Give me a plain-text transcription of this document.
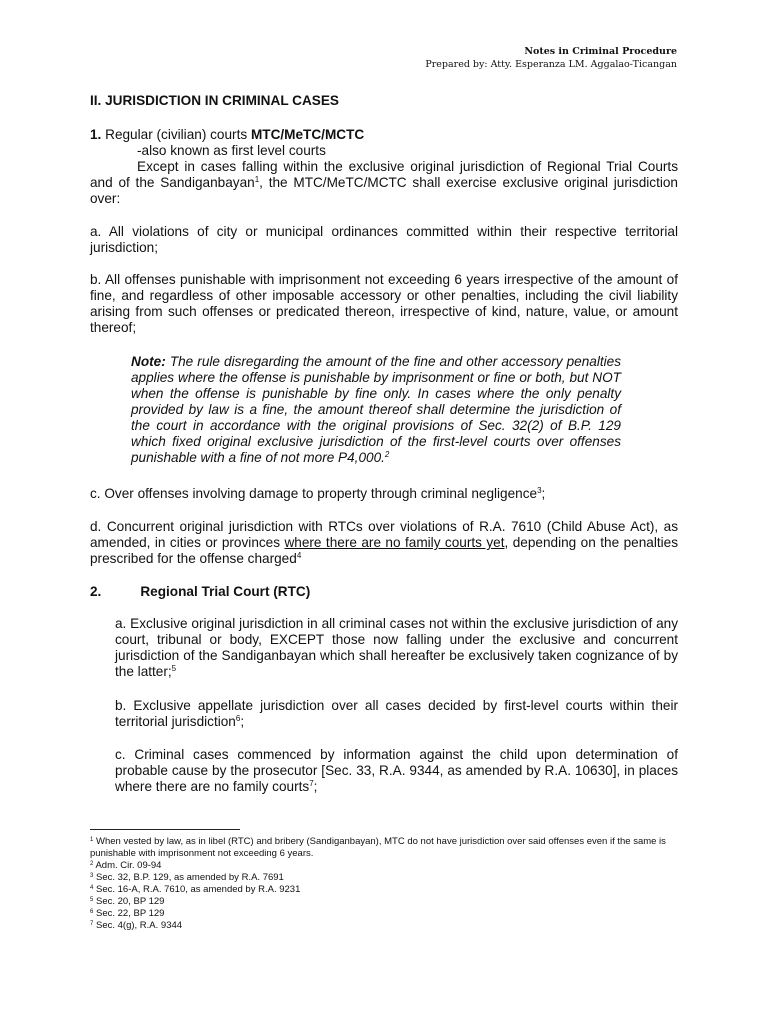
Notes in Criminal Procedure
Prepared by: Atty. Esperanza LM. Aggalao-Ticangan
II. JURISDICTION IN CRIMINAL CASES
1. Regular (civilian) courts MTC/MeTC/MCTC
-also known as first level courts
Except in cases falling within the exclusive original jurisdiction of Regional Trial Courts and of the Sandiganbayan$^1$, the MTC/MeTC/MCTC shall exercise exclusive original jurisdiction over:
a. All violations of city or municipal ordinances committed within their respective territorial jurisdiction;
b. All offenses punishable with imprisonment not exceeding 6 years irrespective of the amount of fine, and regardless of other imposable accessory or other penalties, including the civil liability arising from such offenses or predicated thereon, irrespective of kind, nature, value, or amount thereof;
Note: The rule disregarding the amount of the fine and other accessory penalties applies where the offense is punishable by imprisonment or fine or both, but NOT when the offense is punishable by fine only. In cases where the only penalty provided by law is a fine, the amount thereof shall determine the jurisdiction of the court in accordance with the original provisions of Sec. 32(2) of B.P. 129 which fixed original exclusive jurisdiction of the first-level courts over offenses punishable with a fine of not more P4,000.$^2$
c. Over offenses involving damage to property through criminal negligence$^3$;
d. Concurrent original jurisdiction with RTCs over violations of R.A. 7610 (Child Abuse Act), as amended, in cities or provinces where there are no family courts yet, depending on the penalties prescribed for the offense charged$^4$
2.	Regional Trial Court (RTC)
a. Exclusive original jurisdiction in all criminal cases not within the exclusive jurisdiction of any court, tribunal or body, EXCEPT those now falling under the exclusive and concurrent jurisdiction of the Sandiganbayan which shall hereafter be exclusively taken cognizance of by the latter;$^5$
b. Exclusive appellate jurisdiction over all cases decided by first-level courts within their territorial jurisdiction$^6$;
c. Criminal cases commenced by information against the child upon determination of probable cause by the prosecutor [Sec. 33, R.A. 9344, as amended by R.A. 10630], in places where there are no family courts$^7$;
$^1$ When vested by law, as in libel (RTC) and bribery (Sandiganbayan), MTC do not have jurisdiction over said offenses even if the same is punishable with imprisonment not exceeding 6 years.
$^2$ Adm. Cir. 09-94
$^3$ Sec. 32, B.P. 129, as amended by R.A. 7691
$^4$ Sec. 16-A, R.A. 7610, as amended by R.A. 9231
$^5$ Sec. 20, BP 129
$^6$ Sec. 22, BP 129
$^7$ Sec. 4(g), R.A. 9344
